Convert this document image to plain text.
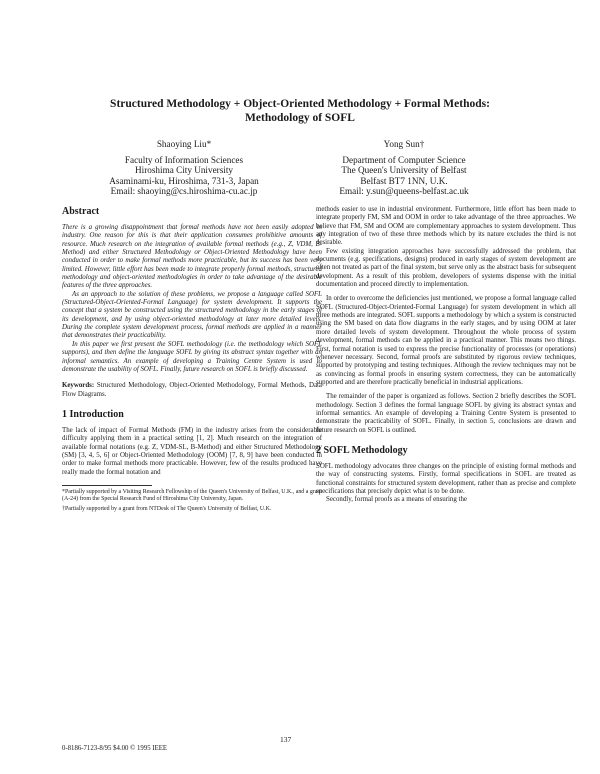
Structured Methodology + Object-Oriented Methodology + Formal Methods:
Methodology of SOFL
Shaoying Liu*
Faculty of Information Sciences
Hiroshima City University
Asaminami-ku, Hiroshima, 731-3, Japan
Email: shaoying@cs.hiroshima-cu.ac.jp
Yong Sun†
Department of Computer Science
The Queen's University of Belfast
Belfast BT7 1NN, U.K.
Email: y.sun@queens-belfast.ac.uk
Abstract

There is a growing disappointment that formal methods have not been easily adopted in industry. One reason for this is that their application consumes prohibitive amounts of resource. Much research on the integration of available formal methods (e.g., Z, VDM, B-Method) and either Structured Methodology or Object-Oriented Methodology have been conducted in order to make formal methods more practicable, but its success has been very limited. However, little effort has been made to integrate properly formal methods, structured methodology and object-oriented methodologies in order to take advantage of the desirable features of the three approaches.

As an approach to the solution of these problems, we propose a language called SOFL (Structured-Object-Oriented-Formal Language) for system development. It supports the concept that a system be constructed using the structured methodology in the early stages of its development, and by using object-oriented methodology at later more detailed levels. During the complete system development process, formal methods are applied in a manner that demonstrates their practicability.

In this paper we first present the SOFL methodology (i.e. the methodology which SOFL supports), and then define the language SOFL by giving its abstract syntax together with an informal semantics. An example of developing a Training Centre System is used to demonstrate the usability of SOFL. Finally, future research on SOFL is briefly discussed.

Keywords: Structured Methodology, Object-Oriented Methodology, Formal Methods, Data Flow Diagrams.
1 Introduction

The lack of impact of Formal Methods (FM) in the industry arises from the considerable difficulty applying them in a practical setting [1, 2]. Much research on the integration of available formal notations (e.g. Z, VDM-SL, B-Method) and either Structured Methodology (SM) [3, 4, 5, 6] or Object-Oriented Methodology (OOM) [7, 8, 9] have been conducted in order to make formal methods more practicable. However, few of the results produced have really made the formal notation and

*Partially supported by a Visiting Research Fellowship of the Queen's University of Belfast, U.K., and a grant (A-24) from the Special Research Fund of Hiroshima City University, Japan.
†Partially supported by a grant from NTDesk of The Queen's University of Belfast, U.K.

methods easier to use in industrial environment. Furthermore, little effort has been made to integrate properly FM, SM and OOM in order to take advantage of the three approaches. We believe that FM, SM and OOM are complementary approaches to system development. Thus any integration of two of these three methods which by its nature excludes the third is not desirable.

Few existing integration approaches have successfully addressed the problem, that documents (e.g. specifications, designs) produced in early stages of system development are often not treated as part of the final system, but serve only as the abstract basis for subsequent development. As a result of this problem, developers of systems dispense with the initial documentation and proceed directly to implementation.

In order to overcome the deficiencies just mentioned, we propose a formal language called SOFL (Structured-Object-Oriented-Formal Language) for system development in which all three methods are integrated. SOFL supports a methodology by which a system is constructed using the SM based on data flow diagrams in the early stages, and by using OOM at later more detailed levels of system development. Throughout the whole process of system development, formal methods can be applied in a practical manner. This means two things. First, formal notation is used to express the precise functionality of processes (or operations) whenever necessary. Second, formal proofs are substituted by rigorous review techniques, supported by prototyping and testing techniques. Although the review techniques may not be as convincing as formal proofs in ensuring system correctness, they can be automatically supported and are therefore practically beneficial in industrial applications.

The remainder of the paper is organized as follows. Section 2 briefly describes the SOFL methodology. Section 3 defines the formal language SOFL by giving its abstract syntax and informal semantics. An example of developing a Training Centre System is presented to demonstrate the practicability of SOFL. Finally, in section 5, conclusions are drawn and future research on SOFL is outlined.

2 SOFL Methodology

SOFL methodology advocates three changes on the principle of existing formal methods and the way of constructing systems. Firstly, formal specifications in SOFL are treated as functional constraints for structured system development, rather than as precise and complete specifications that precisely depict what is to be done.

Secondly, formal proofs as a means of ensuring the

137
0-8186-7123-8/95 $4.00 © 1995 IEEE
